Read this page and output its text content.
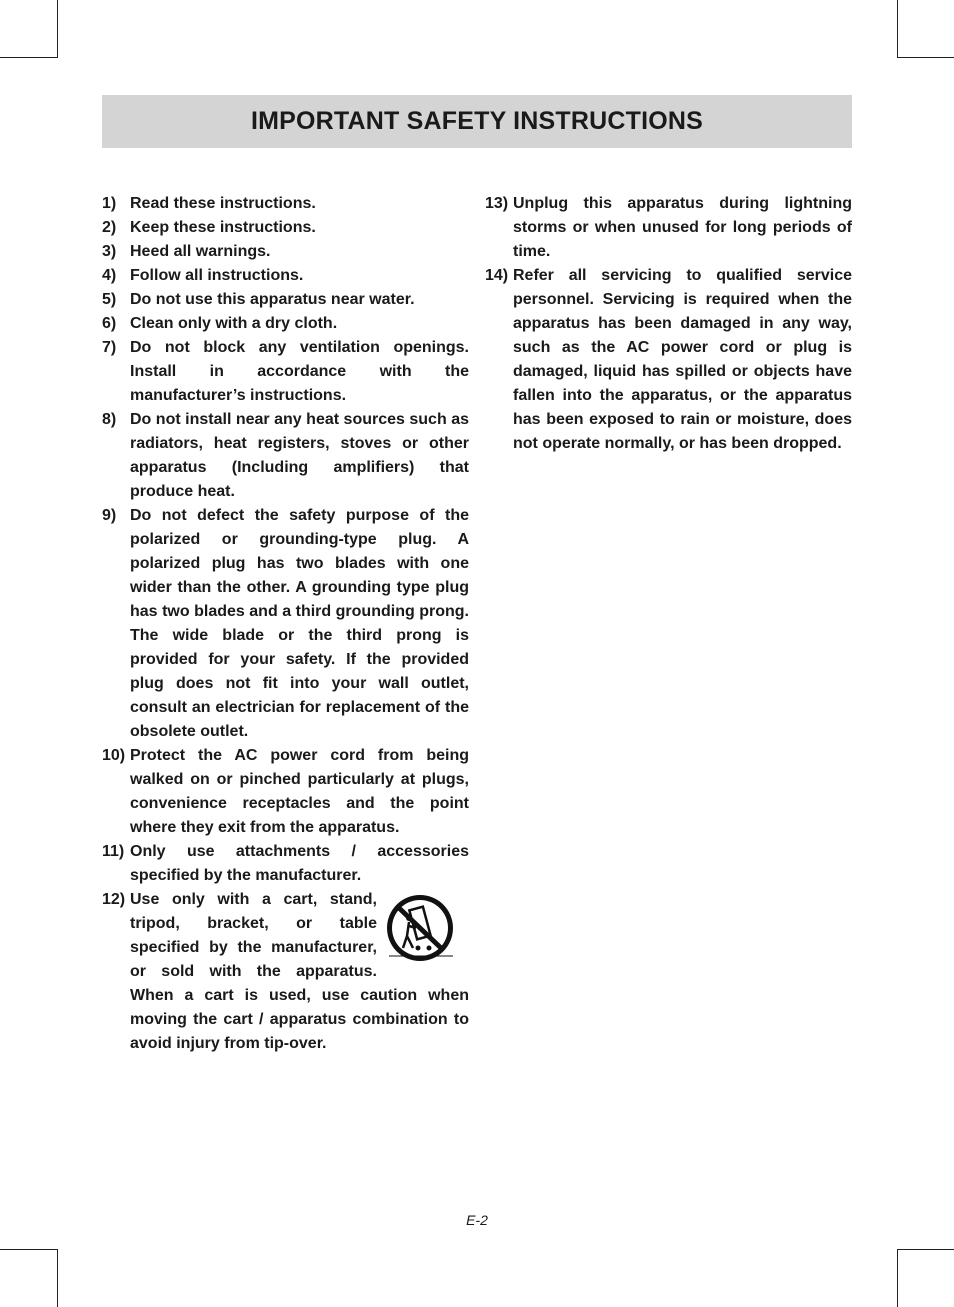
IMPORTANT SAFETY INSTRUCTIONS
1) Read these instructions.
2) Keep these instructions.
3) Heed all warnings.
4) Follow all instructions.
5) Do not use this apparatus near water.
6) Clean only with a dry cloth.
7) Do not block any ventilation openings. Install in accordance with the manufacturer’s instructions.
8) Do not install near any heat sources such as radiators, heat registers, stoves or other apparatus (Including amplifiers) that produce heat.
9) Do not defect the safety purpose of the polarized or grounding-type plug. A polarized plug has two blades with one wider than the other. A grounding type plug has two blades and a third grounding prong. The wide blade or the third prong is provided for your safety. If the provided plug does not fit into your wall outlet, consult an electrician for replacement of the obsolete outlet.
10) Protect the AC power cord from being walked on or pinched particularly at plugs, convenience receptacles and the point where they exit from the apparatus.
11) Only use attachments / accessories specified by the manufacturer.
12) Use only with a cart, stand, tripod, bracket, or table specified by the manufacturer, or sold with the apparatus. When a cart is used, use caution when moving the cart / apparatus combination to avoid injury from tip-over.
13) Unplug this apparatus during lightning storms or when unused for long periods of time.
14) Refer all servicing to qualified service personnel. Servicing is required when the apparatus has been damaged in any way, such as the AC power cord or plug is damaged, liquid has spilled or objects have fallen into the apparatus, or the apparatus has been exposed to rain or moisture, does not operate normally, or has been dropped.
E-2
